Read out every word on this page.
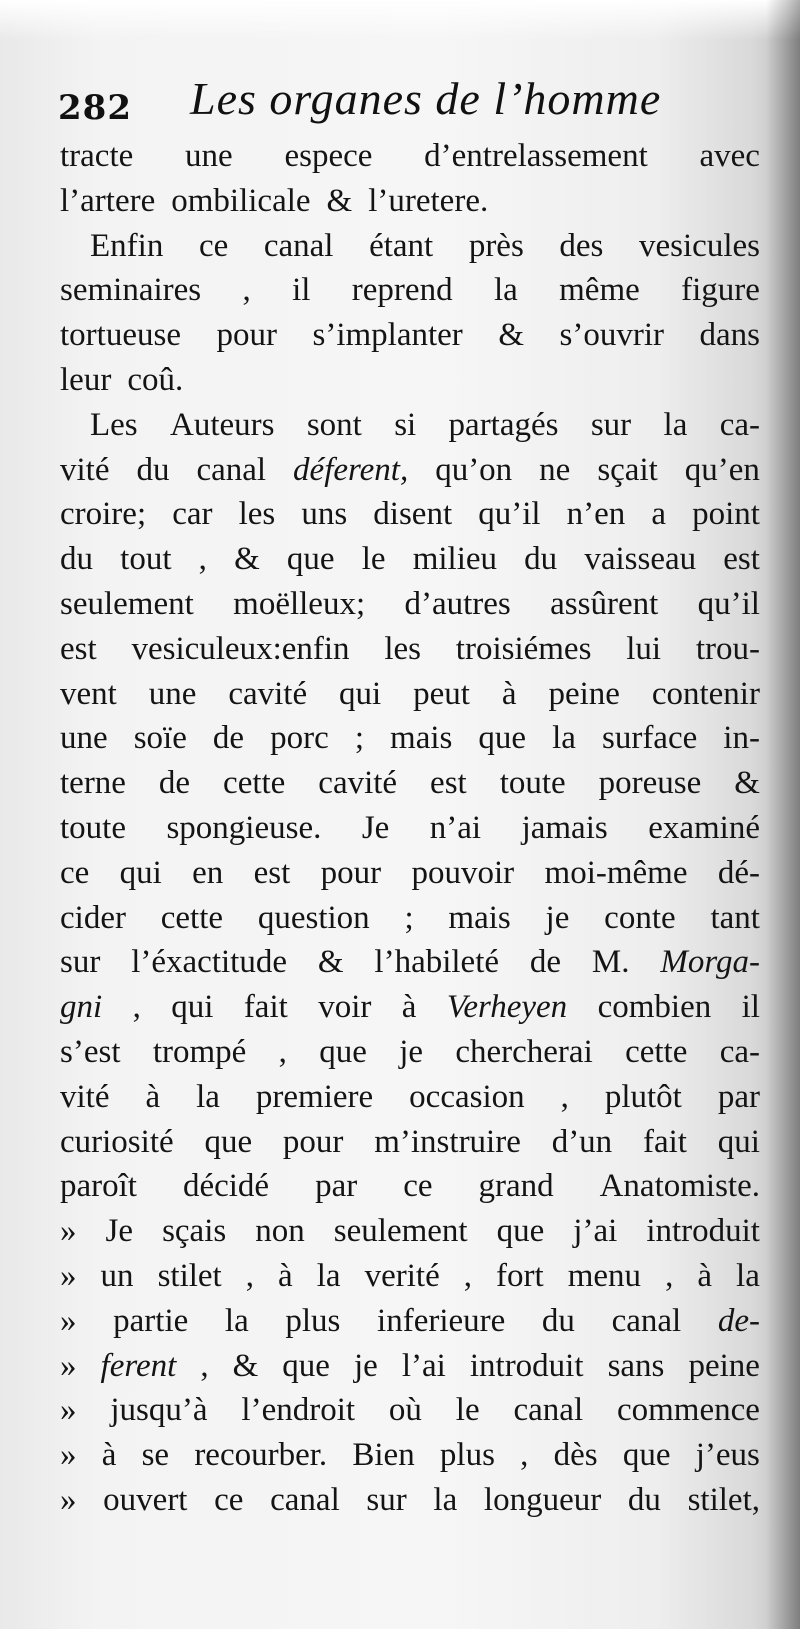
282 Les organes de l’homme
tracte une espece d’entrelassement avec
l’artere ombilicale & l’uretere.
Enfin ce canal étant près des vesicules
seminaires , il reprend la même figure
tortueuse pour s’implanter & s’ouvrir dans
leur coû.
Les Auteurs sont si partagés sur la ca-
vité du canal déferent, qu’on ne sçait qu’en
croire; car les uns disent qu’il n’en a point
du tout , & que le milieu du vaisseau est
seulement moëlleux; d’autres assûrent qu’il
est vesiculeux:enfin les troisiémes lui trou-
vent une cavité qui peut à peine contenir
une soïe de porc ; mais que la surface in-
terne de cette cavité est toute poreuse &
toute spongieuse. Je n’ai jamais examiné
ce qui en est pour pouvoir moi-même dé-
cider cette question ; mais je conte tant
sur l’éxactitude & l’habileté de M. Morga-
gni , qui fait voir à Verheyen combien il
s’est trompé , que je chercherai cette ca-
vité à la premiere occasion , plutôt par
curiosité que pour m’instruire d’un fait qui
paroît décidé par ce grand Anatomiste.
» Je sçais non seulement que j’ai introduit
» un stilet , à la verité , fort menu , à la
» partie la plus inferieure du canal de-
» ferent , & que je l’ai introduit sans peine
» jusqu’à l’endroit où le canal commence
» à se recourber. Bien plus , dès que j’eus
» ouvert ce canal sur la longueur du stilet,
